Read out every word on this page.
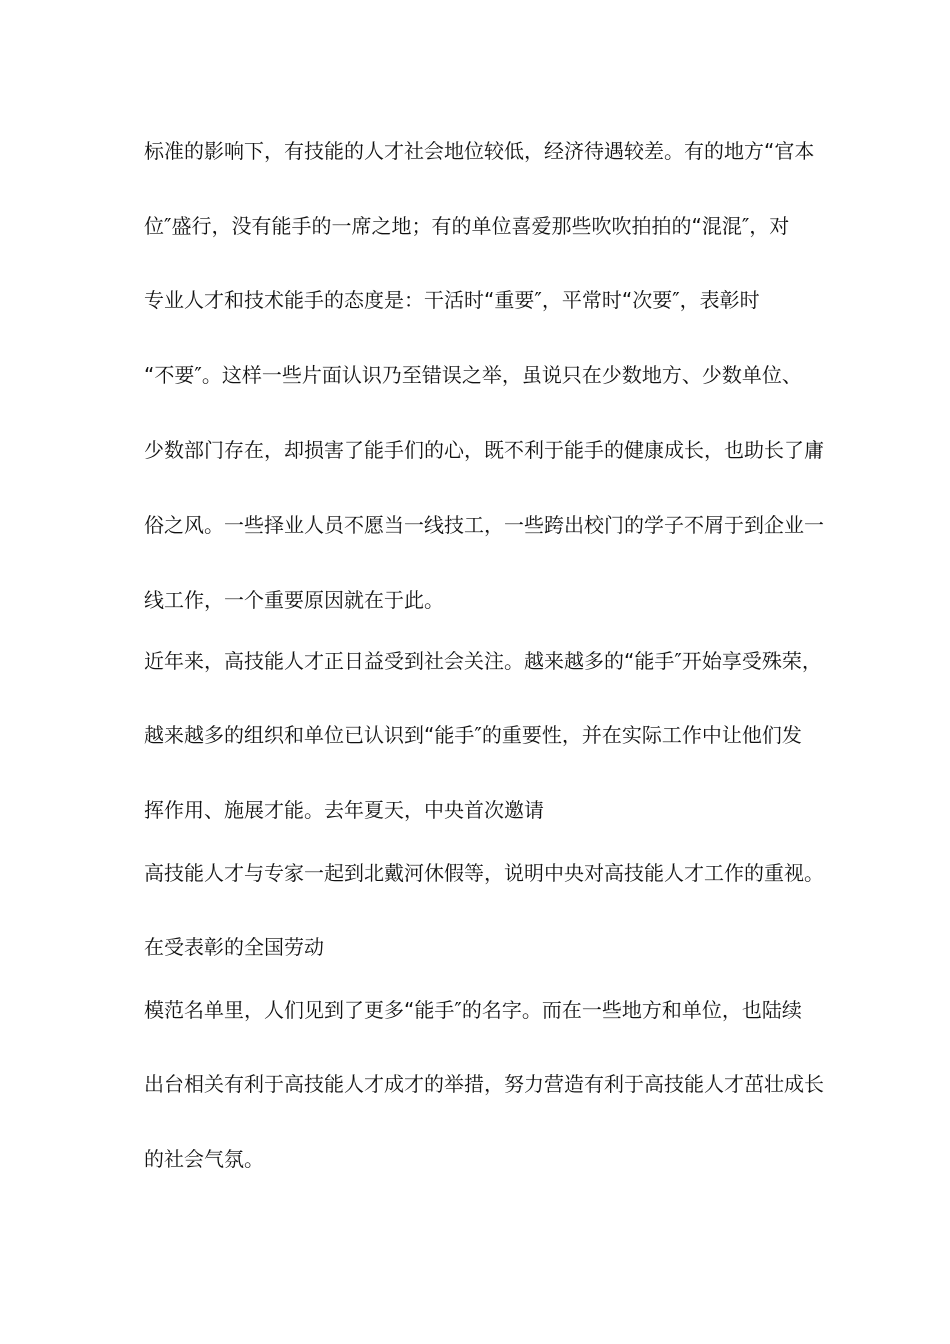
标准的影响下，有技能的人才社会地位较低，经济待遇较差。有的地方“官本
位″盛行，没有能手的一席之地；有的单位喜爱那些吹吹拍拍的“混混″，对
专业人才和技术能手的态度是：干活时“重要″，平常时“次要″，表彰时
“不要″。这样一些片面认识乃至错误之举，虽说只在少数地方、少数单位、
少数部门存在，却损害了能手们的心，既不利于能手的健康成长，也助长了庸
俗之风。一些择业人员不愿当一线技工，一些跨出校门的学子不屑于到企业一
线工作，一个重要原因就在于此。
近年来，高技能人才正日益受到社会关注。越来越多的“能手″开始享受殊荣，
越来越多的组织和单位已认识到“能手″的重要性，并在实际工作中让他们发
挥作用、施展才能。去年夏天，中央首次邀请
高技能人才与专家一起到北戴河休假等，说明中央对高技能人才工作的重视。
在受表彰的全国劳动
模范名单里，人们见到了更多“能手″的名字。而在一些地方和单位，也陆续
出台相关有利于高技能人才成才的举措，努力营造有利于高技能人才茁壮成长
的社会气氛。
